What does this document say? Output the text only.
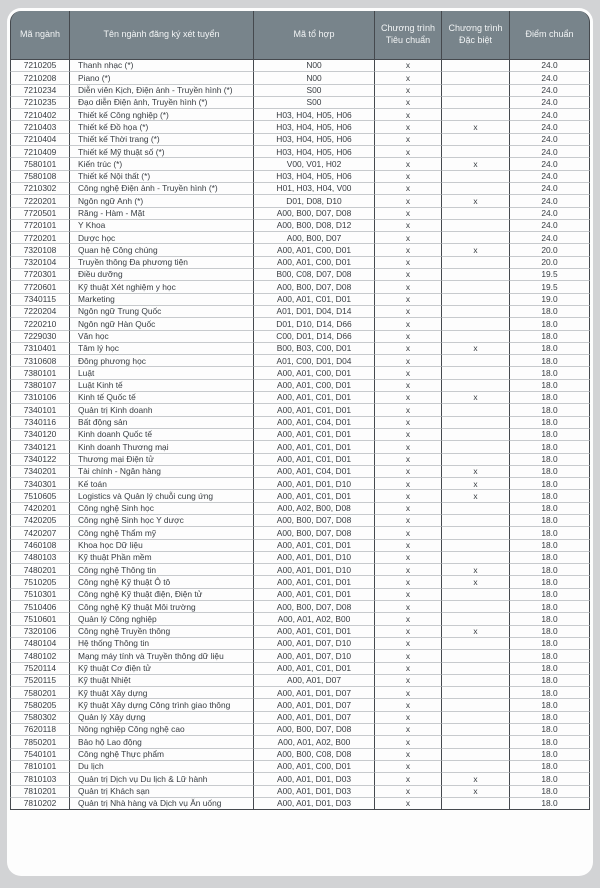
Mã ngành	Tên ngành đăng ký xét tuyển	Mã tổ hợp	Chương trình Tiêu chuẩn	Chương trình Đặc biệt	Điểm chuẩn
7210205	Thanh nhạc (*)	N00	x		24.0
7210208	Piano (*)	N00	x		24.0
7210234	Diễn viên Kịch, Điện ảnh - Truyền hình (*)	S00	x		24.0
7210235	Đạo diễn Điện ảnh, Truyền hình (*)	S00	x		24.0
7210402	Thiết kế Công nghiệp (*)	H03, H04, H05, H06	x		24.0
7210403	Thiết kế Đồ họa (*)	H03, H04, H05, H06	x	x	24.0
7210404	Thiết kế Thời trang (*)	H03, H04, H05, H06	x		24.0
7210409	Thiết kế Mỹ thuật số (*)	H03, H04, H05, H06	x		24.0
7580101	Kiến trúc (*)	V00, V01, H02	x	x	24.0
7580108	Thiết kế Nội thất (*)	H03, H04, H05, H06	x		24.0
7210302	Công nghệ Điện ảnh - Truyền hình (*)	H01, H03, H04, V00	x		24.0
7220201	Ngôn ngữ Anh (*)	D01, D08, D10	x	x	24.0
7720501	Răng - Hàm - Mặt	A00, B00, D07, D08	x		24.0
7720101	Y Khoa	A00, B00, D08, D12	x		24.0
7720201	Dược học	A00, B00, D07	x		24.0
7320108	Quan hệ Công chúng	A00, A01, C00, D01	x	x	20.0
7320104	Truyền thông Đa phương tiện	A00, A01, C00, D01	x		20.0
7720301	Điều dưỡng	B00, C08, D07, D08	x		19.5
7720601	Kỹ thuật Xét nghiệm y học	A00, B00, D07, D08	x		19.5
7340115	Marketing	A00, A01, C01, D01	x		19.0
7220204	Ngôn ngữ Trung Quốc	A01, D01, D04, D14	x		18.0
7220210	Ngôn ngữ Hàn Quốc	D01, D10, D14, D66	x		18.0
7229030	Văn học	C00, D01, D14, D66	x		18.0
7310401	Tâm lý học	B00, B03, C00, D01	x	x	18.0
7310608	Đông phương học	A01, C00, D01, D04	x		18.0
7380101	Luật	A00, A01, C00, D01	x		18.0
7380107	Luật Kinh tế	A00, A01, C00, D01	x		18.0
7310106	Kinh tế Quốc tế	A00, A01, C01, D01	x	x	18.0
7340101	Quản trị Kinh doanh	A00, A01, C01, D01	x		18.0
7340116	Bất động sản	A00, A01, C04, D01	x		18.0
7340120	Kinh doanh Quốc tế	A00, A01, C01, D01	x		18.0
7340121	Kinh doanh Thương mại	A00, A01, C01, D01	x		18.0
7340122	Thương mại Điện tử	A00, A01, C01, D01	x		18.0
7340201	Tài chính - Ngân hàng	A00, A01, C04, D01	x	x	18.0
7340301	Kế toán	A00, A01, D01, D10	x	x	18.0
7510605	Logistics và Quản lý chuỗi cung ứng	A00, A01, C01, D01	x	x	18.0
7420201	Công nghệ Sinh học	A00, A02, B00, D08	x		18.0
7420205	Công nghệ Sinh học Y dược	A00, B00, D07, D08	x		18.0
7420207	Công nghệ Thẩm mỹ	A00, B00, D07, D08	x		18.0
7460108	Khoa học Dữ liệu	A00, A01, C01, D01	x		18.0
7480103	Kỹ thuật Phần mềm	A00, A01, D01, D10	x		18.0
7480201	Công nghệ Thông tin	A00, A01, D01, D10	x	x	18.0
7510205	Công nghệ Kỹ thuật Ô tô	A00, A01, C01, D01	x	x	18.0
7510301	Công nghệ Kỹ thuật điện, Điện tử	A00, A01, C01, D01	x		18.0
7510406	Công nghệ Kỹ thuật Môi trường	A00, B00, D07, D08	x		18.0
7510601	Quản lý Công nghiệp	A00, A01, A02, B00	x		18.0
7320106	Công nghệ Truyền thông	A00, A01, C01, D01	x	x	18.0
7480104	Hệ thống Thông tin	A00, A01, D07, D10	x		18.0
7480102	Mạng máy tính và Truyền thông dữ liệu	A00, A01, D07, D10	x		18.0
7520114	Kỹ thuật Cơ điện tử	A00, A01, C01, D01	x		18.0
7520115	Kỹ thuật Nhiệt	A00, A01, D07	x		18.0
7580201	Kỹ thuật Xây dựng	A00, A01, D01, D07	x		18.0
7580205	Kỹ thuật Xây dựng Công trình giao thông	A00, A01, D01, D07	x		18.0
7580302	Quản lý Xây dựng	A00, A01, D01, D07	x		18.0
7620118	Nông nghiệp Công nghệ cao	A00, B00, D07, D08	x		18.0
7850201	Bảo hộ Lao động	A00, A01, A02, B00	x		18.0
7540101	Công nghệ Thực phẩm	A00, B00, C08, D08	x		18.0
7810101	Du lịch	A00, A01, C00, D01	x		18.0
7810103	Quản trị Dịch vụ Du lịch & Lữ hành	A00, A01, D01, D03	x	x	18.0
7810201	Quản trị Khách sạn	A00, A01, D01, D03	x	x	18.0
7810202	Quản trị Nhà hàng và Dịch vụ Ăn uống	A00, A01, D01, D03	x		18.0
